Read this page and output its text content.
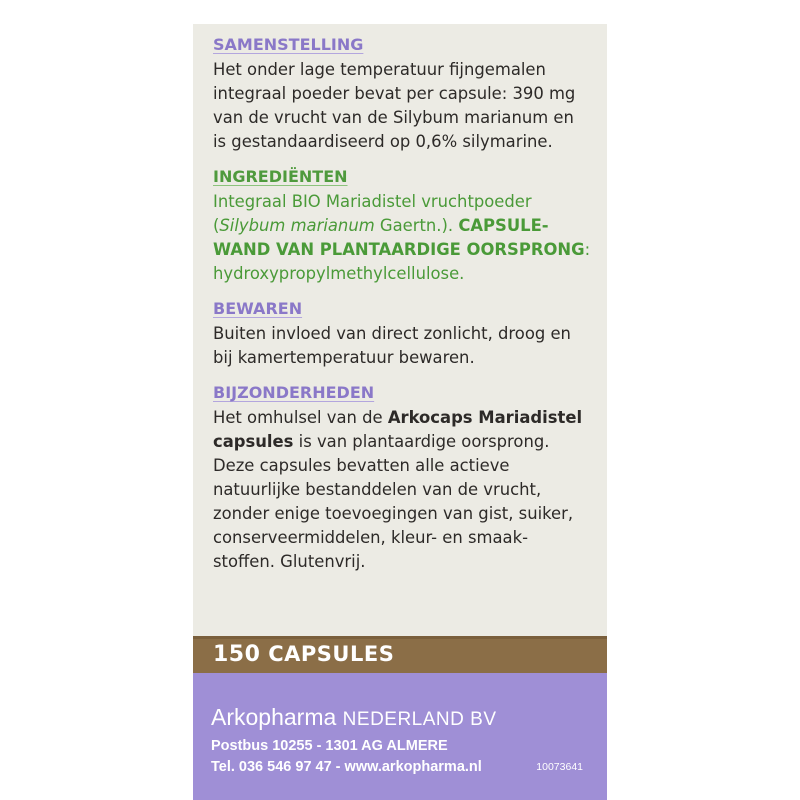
SAMENSTELLING

Het onder lage temperatuur fijngemalen
integraal poeder bevat per capsule: 390 mg
van de vrucht van de Silybum marianum en
is gestandaardiseerd op 0,6% silymarine.

INGREDIËNTEN

Integraal BIO Mariadistel vruchtpoeder
(Silybum marianum Gaertn.). CAPSULE-
WAND VAN PLANTAARDIGE OORSPRONG:
hydroxypropylmethylcellulose.

BEWAREN

Buiten invloed van direct zonlicht, droog en
bij kamertemperatuur bewaren.

BIJZONDERHEDEN

Het omhulsel van de Arkocaps Mariadistel
capsules is van plantaardige oorsprong.
Deze capsules bevatten alle actieve
natuurlijke bestanddelen van de vrucht,
zonder enige toevoegingen van gist, suiker,
conserveermiddelen, kleur- en smaak-
stoffen. Glutenvrij.

150 CAPSULES
Arkopharma NEDERLAND BV
Postbus 10255 - 1301 AG ALMERE
Tel. 036 546 97 47 - www.arkopharma.nl	10073641
